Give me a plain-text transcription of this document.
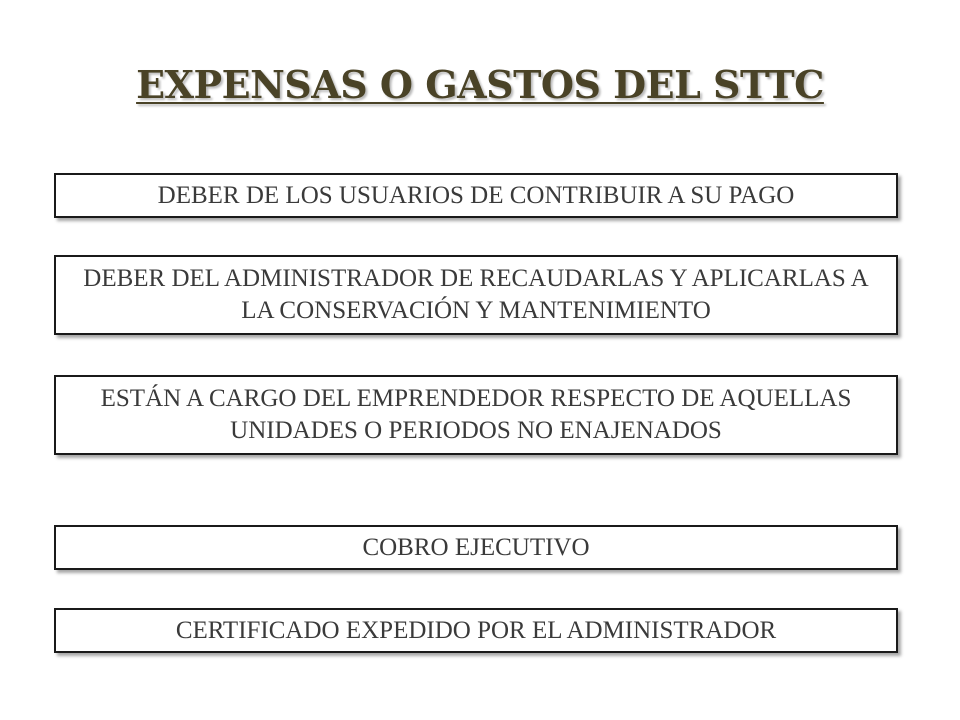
EXPENSAS O GASTOS DEL STTC
DEBER DE LOS USUARIOS DE CONTRIBUIR A SU PAGO
DEBER DEL ADMINISTRADOR DE RECAUDARLAS Y APLICARLAS A LA CONSERVACIÓN Y MANTENIMIENTO
ESTÁN A CARGO DEL EMPRENDEDOR RESPECTO DE AQUELLAS UNIDADES O PERIODOS NO ENAJENADOS
COBRO EJECUTIVO
CERTIFICADO EXPEDIDO POR EL ADMINISTRADOR
